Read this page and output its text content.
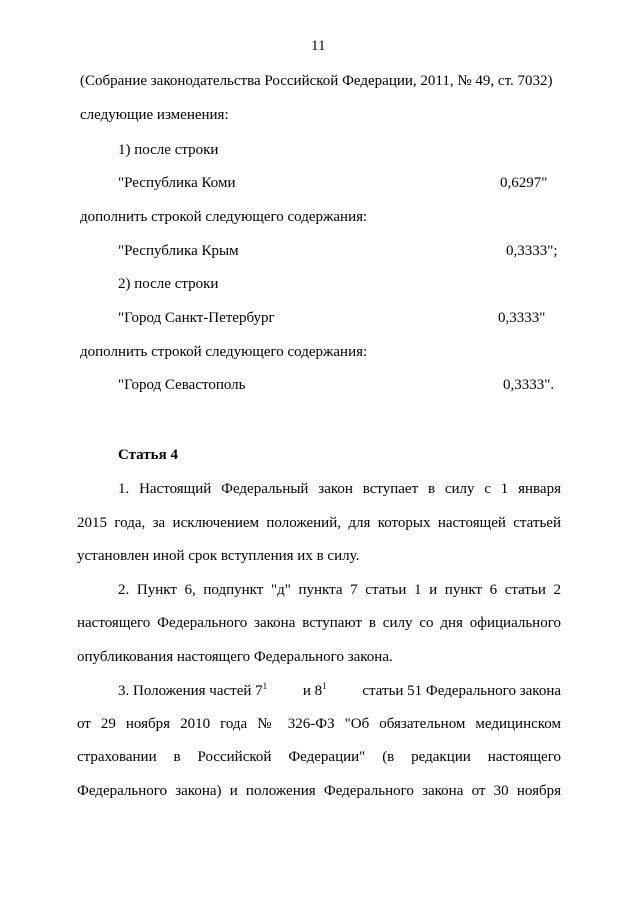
11
(Собрание законодательства Российской Федерации, 2011, № 49, ст. 7032)
следующие изменения:
1) после строки
"Республика Коми	0,6297"
дополнить строкой следующего содержания:
"Республика Крым	0,3333";
2) после строки
"Город Санкт-Петербург	0,3333"
дополнить строкой следующего содержания:
"Город Севастополь	0,3333".
Статья 4
1. Настоящий Федеральный закон вступает в силу с 1 января
2015 года, за исключением положений, для которых настоящей статьей
установлен иной срок вступления их в силу.
2. Пункт 6, подпункт "д" пункта 7 статьи 1 и пункт 6 статьи 2
настоящего Федерального закона вступают в силу со дня официального
опубликования настоящего Федерального закона.
3. Положения частей $7^1$ и $8^1$ статьи 51 Федерального закона
от 29 ноября 2010 года № 326-ФЗ "Об обязательном медицинском
страховании в Российской Федерации" (в редакции настоящего
Федерального закона) и положения Федерального закона от 30 ноября
